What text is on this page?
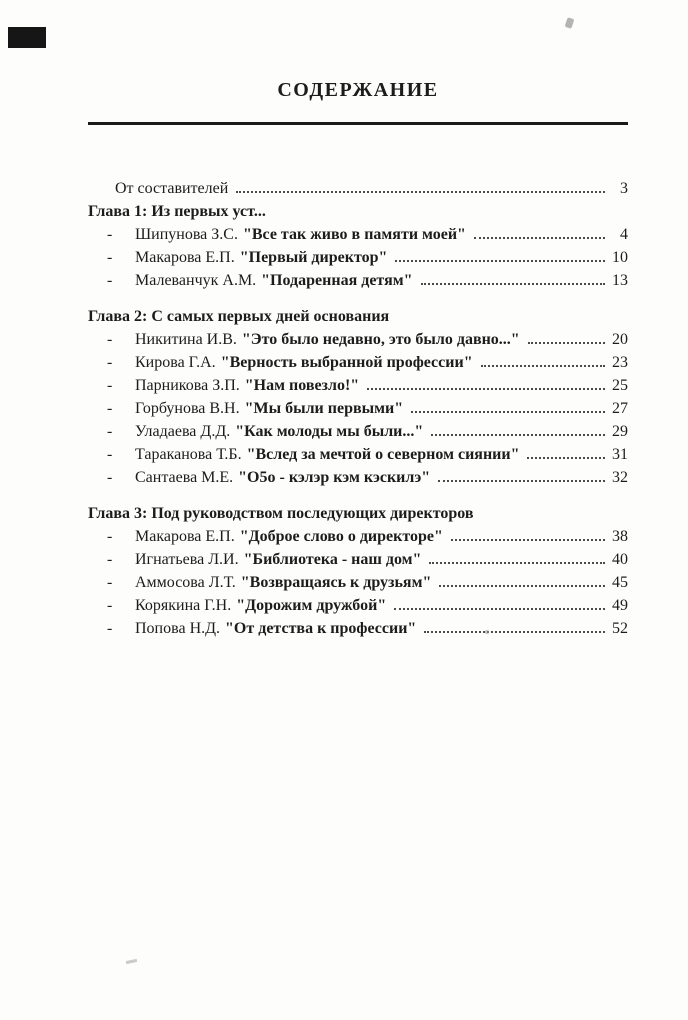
СОДЕРЖАНИЕ
От составителей	3
Глава 1: Из первых уст...
-	Шипунова З.С. "Все так живо в памяти моей"	4
-	Макарова Е.П. "Первый директор"	10
-	Малеванчук А.М. "Подаренная детям"	13
Глава 2: С самых первых дней основания
-	Никитина И.В. "Это было недавно, это было давно..."	20
-	Кирова Г.А. "Верность выбранной профессии"	23
-	Парникова З.П. "Нам повезло!"	25
-	Горбунова В.Н. "Мы были первыми"	27
-	Уладаева Д.Д. "Как молоды мы были..."	29
-	Тараканова Т.Б. "Вслед за мечтой о северном сиянии"	31
-	Сантаева М.Е. "О5о - кэлэр кэм кэскилэ"	32
Глава 3: Под руководством последующих директоров
-	Макарова Е.П. "Доброе слово о директоре"	38
-	Игнатьева Л.И. "Библиотека - наш дом"	40
-	Аммосова Л.Т. "Возвращаясь к друзьям"	45
-	Корякина Г.Н. "Дорожим дружбой"	49
-	Попова Н.Д. "От детства к профессии"	52
